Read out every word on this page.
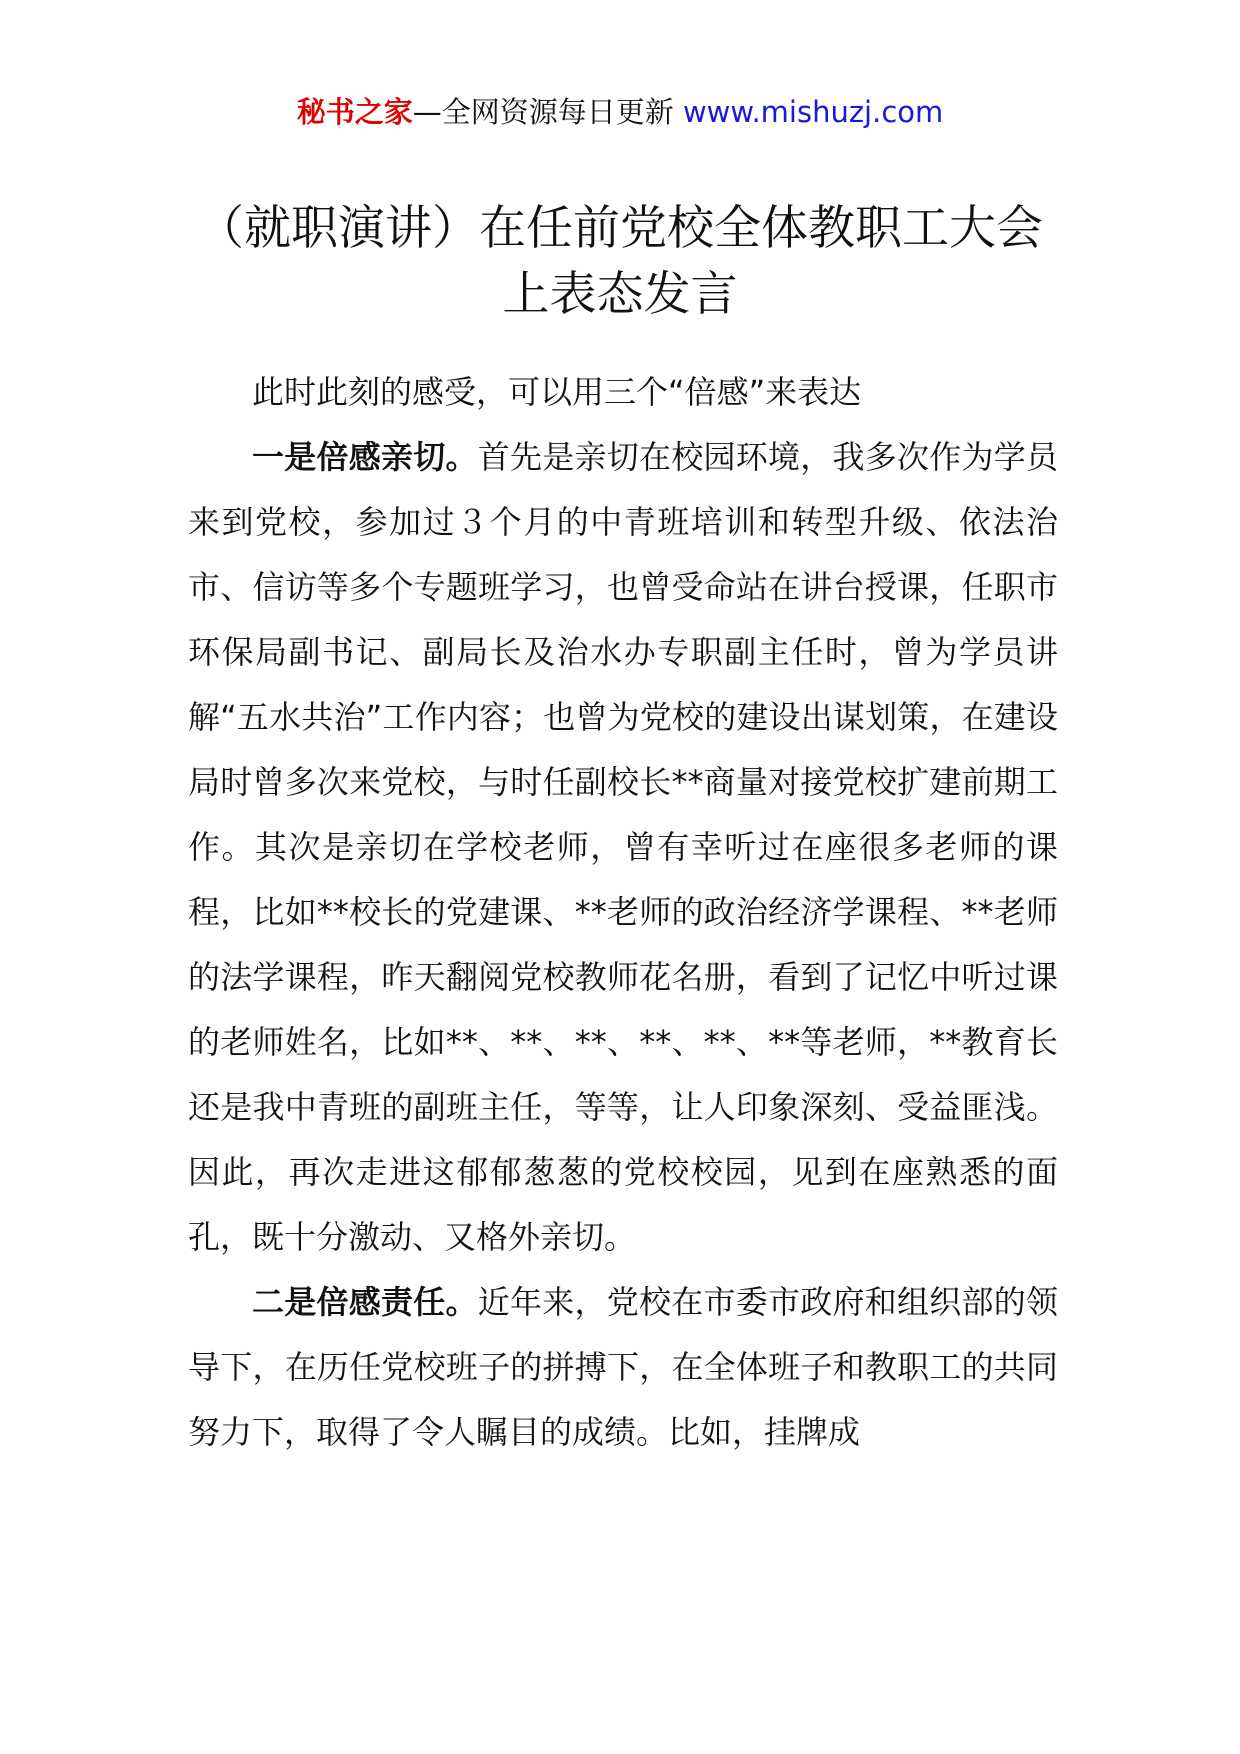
秘书之家—全网资源每日更新 www.mishuzj.com
（就职演讲）在任前党校全体教职工大会
上表态发言

此时此刻的感受，可以用三个“倍感”来表达

一是倍感亲切。首先是亲切在校园环境，我多次作为学员来到党校，参加过３个月的中青班培训和转型升级、依法治市、信访等多个专题班学习，也曾受命站在讲台授课，任职市环保局副书记、副局长及治水办专职副主任时，曾为学员讲解“五水共治”工作内容；也曾为党校的建设出谋划策，在建设局时曾多次来党校，与时任副校长**商量对接党校扩建前期工作。其次是亲切在学校老师，曾有幸听过在座很多老师的课程，比如**校长的党建课、**老师的政治经济学课程、**老师的法学课程，昨天翻阅党校教师花名册，看到了记忆中听过课的老师姓名，比如**、**、**、**、**、**等老师，**教育长还是我中青班的副班主任，等等，让人印象深刻、受益匪浅。因此，再次走进这郁郁葱葱的党校校园，见到在座熟悉的面孔，既十分激动、又格外亲切。

二是倍感责任。近年来，党校在市委市政府和组织部的领导下，在历任党校班子的拼搏下，在全体班子和教职工的共同努力下，取得了令人瞩目的成绩。比如，挂牌成
